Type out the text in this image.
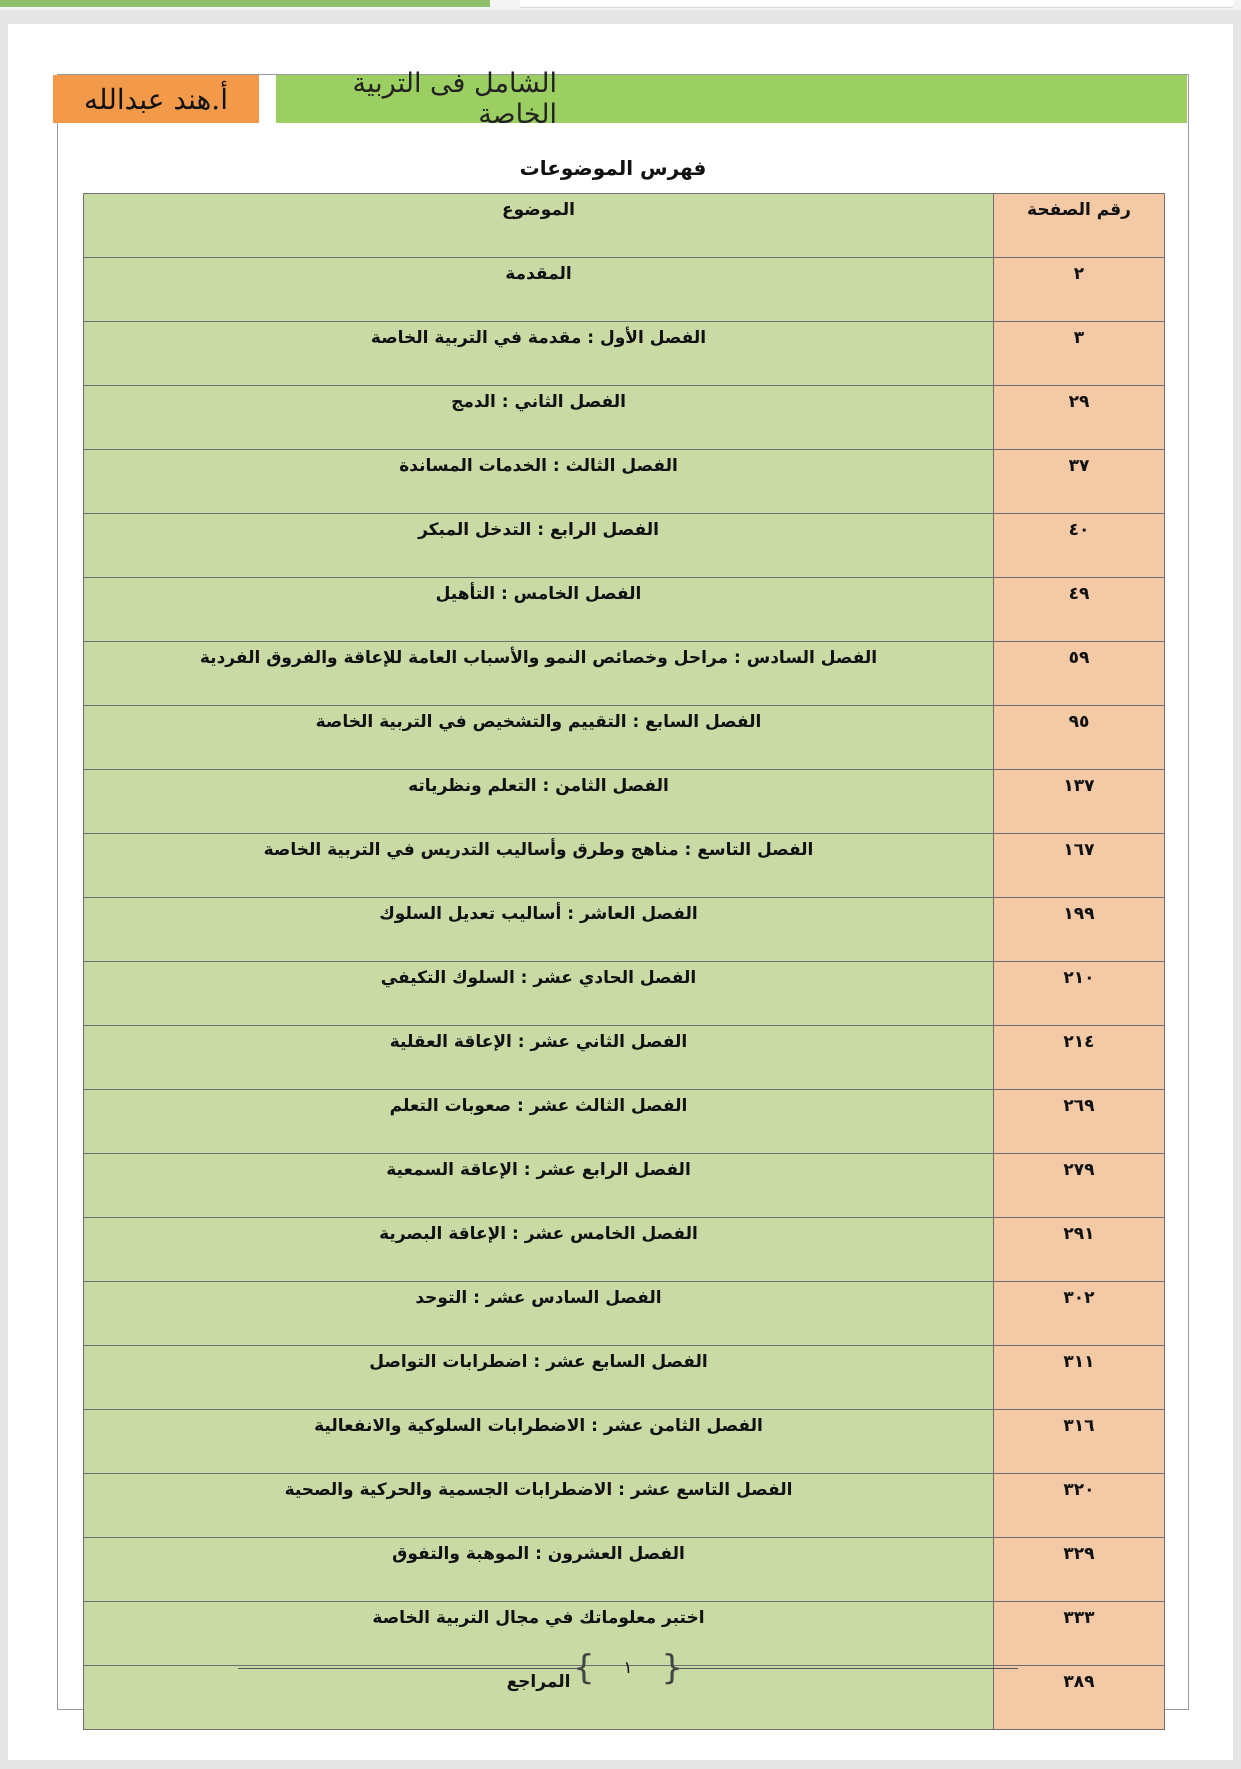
أ.هند عبدالله	الشامل فى التربية الخاصة
فهرس الموضوعات
الموضوع	رقم الصفحة
المقدمة	٢
الفصل الأول : مقدمة في التربية الخاصة	٣
الفصل الثاني : الدمج	٢٩
الفصل الثالث : الخدمات المساندة	٣٧
الفصل الرابع : التدخل المبكر	٤٠
الفصل الخامس : التأهيل	٤٩
الفصل السادس : مراحل وخصائص النمو والأسباب العامة للإعاقة والفروق الفردية	٥٩
الفصل السابع : التقييم والتشخيص في التربية الخاصة	٩٥
الفصل الثامن : التعلم ونظرياته	١٣٧
الفصل التاسع : مناهج وطرق وأساليب التدريس في التربية الخاصة	١٦٧
الفصل العاشر : أساليب تعديل السلوك	١٩٩
الفصل الحادي عشر : السلوك التكيفي	٢١٠
الفصل الثاني عشر : الإعاقة العقلية	٢١٤
الفصل الثالث عشر : صعوبات التعلم	٢٦٩
الفصل الرابع عشر : الإعاقة السمعية	٢٧٩
الفصل الخامس عشر : الإعاقة البصرية	٢٩١
الفصل السادس عشر : التوحد	٣٠٢
الفصل السابع عشر : اضطرابات التواصل	٣١١
الفصل الثامن عشر : الاضطرابات السلوكية والانفعالية	٣١٦
الفصل التاسع عشر : الاضطرابات الجسمية والحركية والصحية	٣٢٠
الفصل العشرون : الموهبة والتفوق	٣٢٩
اختبر معلوماتك في مجال التربية الخاصة	٣٣٣
المراجع	٣٨٩
{ ١ }
